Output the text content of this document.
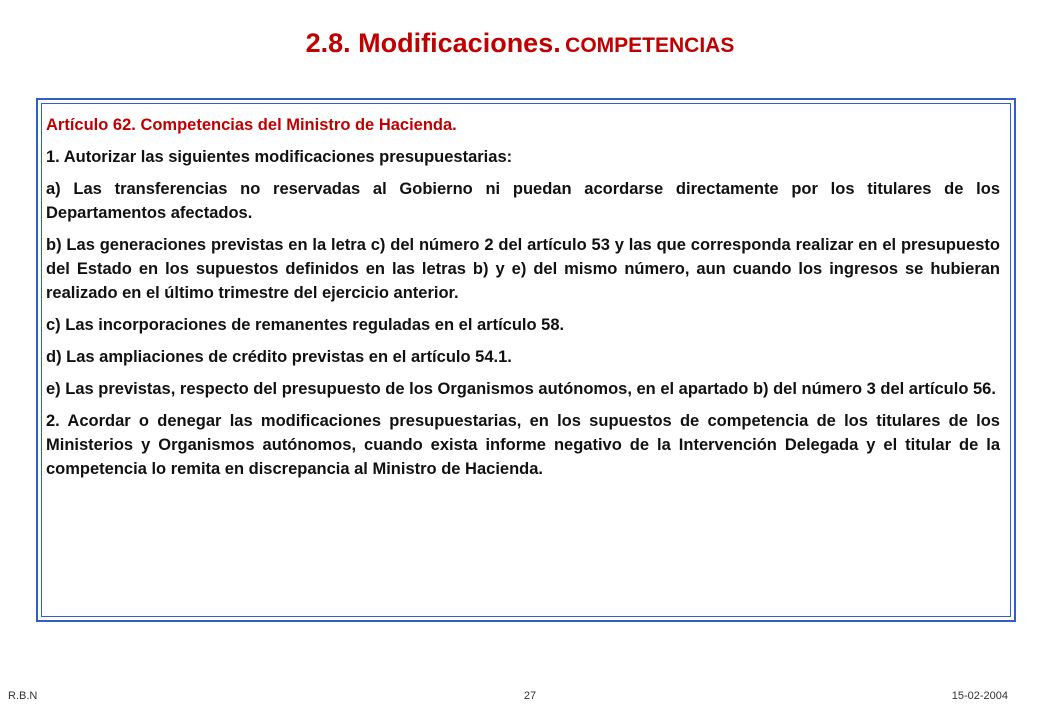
2.8. Modificaciones. COMPETENCIAS

Artículo 62. Competencias del Ministro de Hacienda.

1. Autorizar las siguientes modificaciones presupuestarias:

a) Las transferencias no reservadas al Gobierno ni puedan acordarse directamente por los titulares de los Departamentos afectados.

b) Las generaciones previstas en la letra c) del número 2 del artículo 53 y las que corresponda realizar en el presupuesto del Estado en los supuestos definidos en las letras b) y e) del mismo número, aun cuando los ingresos se hubieran realizado en el último trimestre del ejercicio anterior.

c) Las incorporaciones de remanentes reguladas en el artículo 58.

d) Las ampliaciones de crédito previstas en el artículo 54.1.

e) Las previstas, respecto del presupuesto de los Organismos autónomos, en el apartado b) del número 3 del artículo 56.

2. Acordar o denegar las modificaciones presupuestarias, en los supuestos de competencia de los titulares de los Ministerios y Organismos autónomos, cuando exista informe negativo de la Intervención Delegada y el titular de la competencia lo remita en discrepancia al Ministro de Hacienda.

R.B.N	27	15-02-2004
